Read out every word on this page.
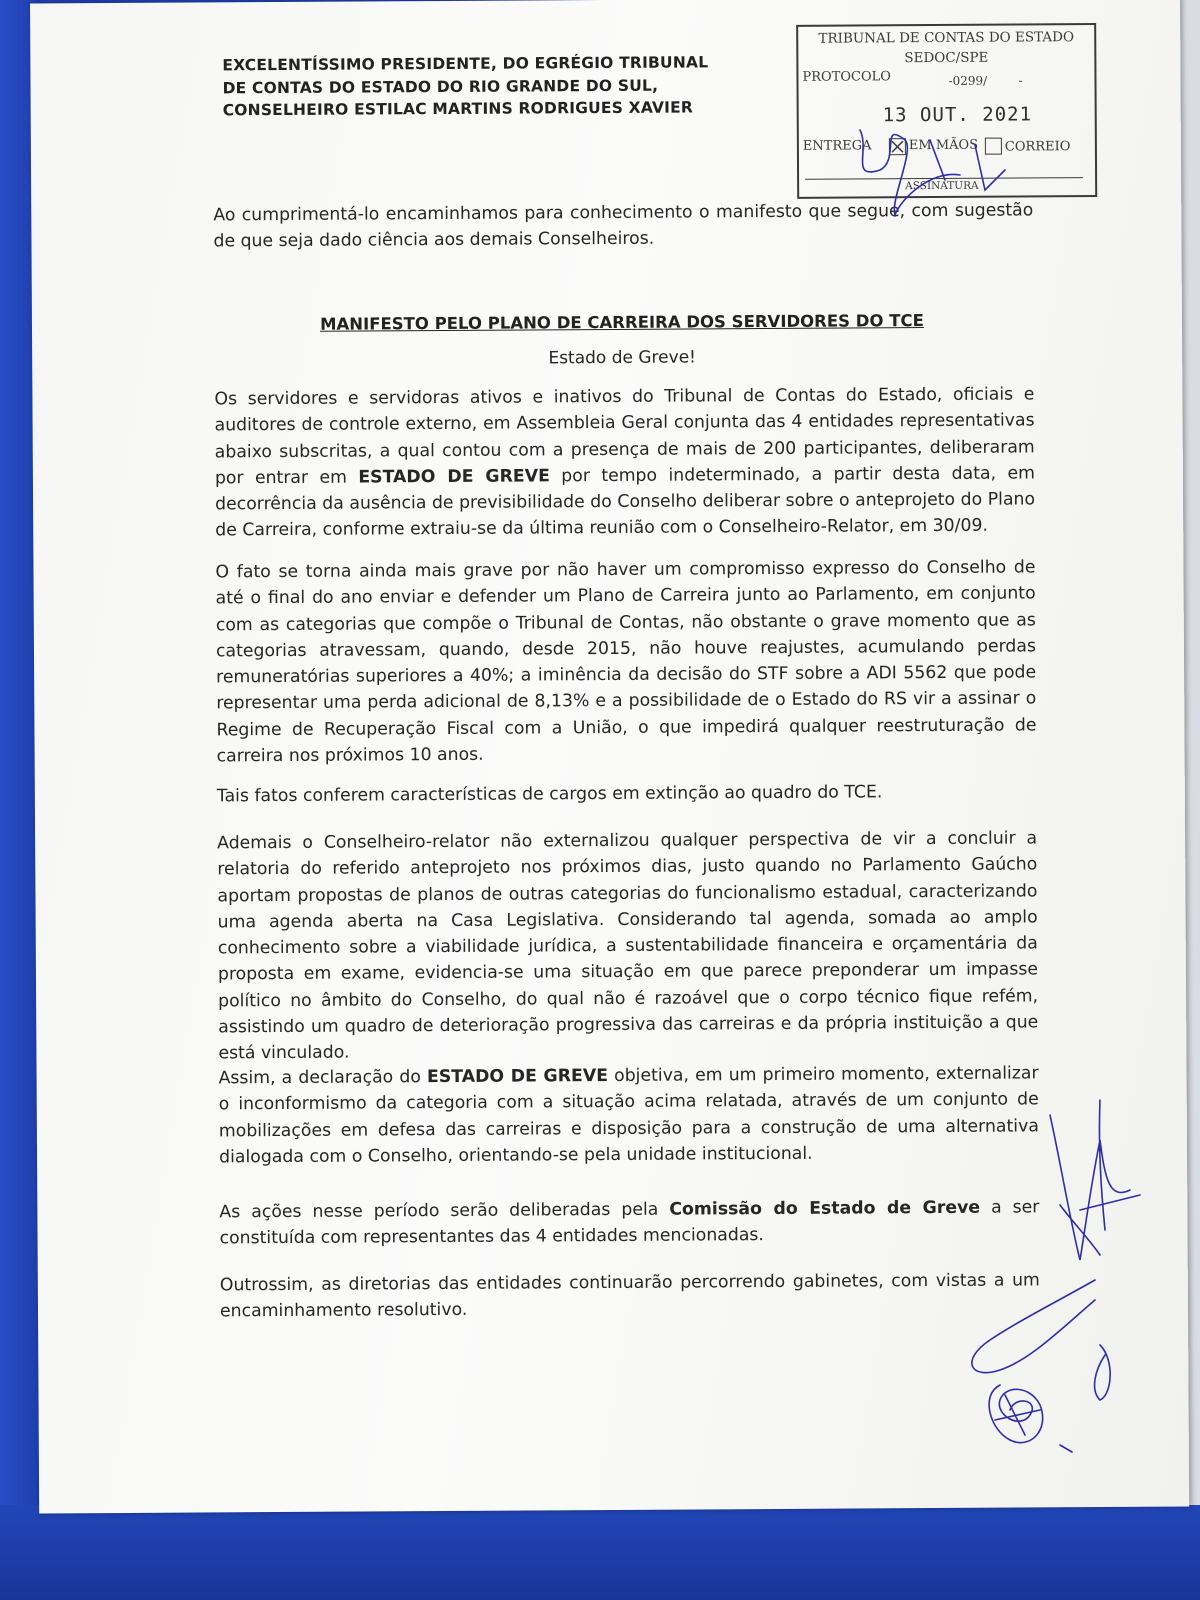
EXCELENTÍSSIMO PRESIDENTE, DO EGRÉGIO TRIBUNAL
DE CONTAS DO ESTADO DO RIO GRANDE DO SUL,
CONSELHEIRO ESTILAC MARTINS RODRIGUES XAVIER
TRIBUNAL DE CONTAS DO ESTADO
SEDOC/SPE
PROTOCOLO	-0299/	-
13 OUT. 2021
ENTREGA	EM MÃOS CORREIO
ASSINATURA

Ao cumprimentá-lo encaminhamos para conhecimento o manifesto que segue, com sugestão de que seja dado ciência aos demais Conselheiros.

MANIFESTO PELO PLANO DE CARREIRA DOS SERVIDORES DO TCE
Estado de Greve!

Os servidores e servidoras ativos e inativos do Tribunal de Contas do Estado, oficiais e auditores de controle externo, em Assembleia Geral conjunta das 4 entidades representativas abaixo subscritas, a qual contou com a presença de mais de 200 participantes, deliberaram por entrar em ESTADO DE GREVE por tempo indeterminado, a partir desta data, em decorrência da ausência de previsibilidade do Conselho deliberar sobre o anteprojeto do Plano de Carreira, conforme extraiu-se da última reunião com o Conselheiro-Relator, em 30/09.

O fato se torna ainda mais grave por não haver um compromisso expresso do Conselho de até o final do ano enviar e defender um Plano de Carreira junto ao Parlamento, em conjunto com as categorias que compõe o Tribunal de Contas, não obstante o grave momento que as categorias atravessam, quando, desde 2015, não houve reajustes, acumulando perdas remuneratórias superiores a 40%; a iminência da decisão do STF sobre a ADI 5562 que pode representar uma perda adicional de 8,13% e a possibilidade de o Estado do RS vir a assinar o Regime de Recuperação Fiscal com a União, o que impedirá qualquer reestruturação de carreira nos próximos 10 anos.

Tais fatos conferem características de cargos em extinção ao quadro do TCE.

Ademais o Conselheiro-relator não externalizou qualquer perspectiva de vir a concluir a relatoria do referido anteprojeto nos próximos dias, justo quando no Parlamento Gaúcho aportam propostas de planos de outras categorias do funcionalismo estadual, caracterizando uma agenda aberta na Casa Legislativa. Considerando tal agenda, somada ao amplo conhecimento sobre a viabilidade jurídica, a sustentabilidade financeira e orçamentária da proposta em exame, evidencia-se uma situação em que parece preponderar um impasse político no âmbito do Conselho, do qual não é razoável que o corpo técnico fique refém, assistindo um quadro de deterioração progressiva das carreiras e da própria instituição a que está vinculado.

Assim, a declaração do ESTADO DE GREVE objetiva, em um primeiro momento, externalizar o inconformismo da categoria com a situação acima relatada, através de um conjunto de mobilizações em defesa das carreiras e disposição para a construção de uma alternativa dialogada com o Conselho, orientando-se pela unidade institucional.

As ações nesse período serão deliberadas pela Comissão do Estado de Greve a ser constituída com representantes das 4 entidades mencionadas.

Outrossim, as diretorias das entidades continuarão percorrendo gabinetes, com vistas a um encaminhamento resolutivo.
